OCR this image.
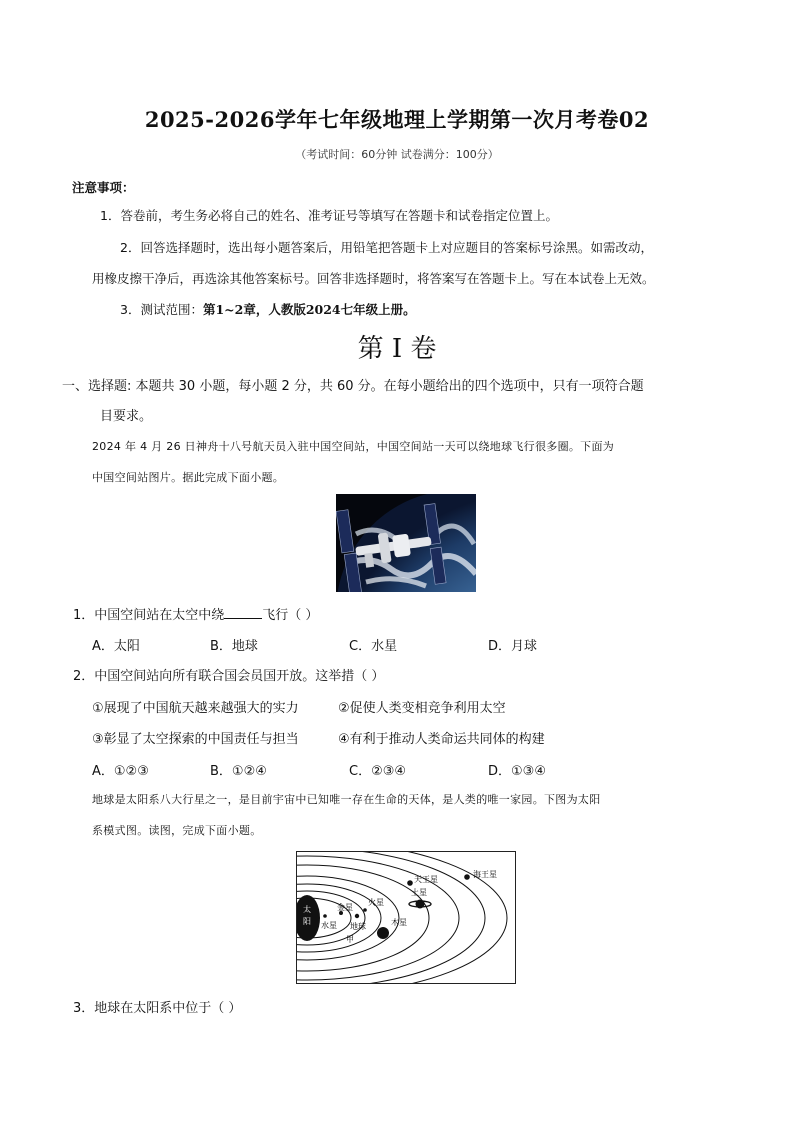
2025-2026学年七年级地理上学期第一次月考卷02
（考试时间：60分钟 试卷满分：100分）
注意事项：
1．答卷前，考生务必将自己的姓名、准考证号等填写在答题卡和试卷指定位置上。
2．回答选择题时，选出每小题答案后，用铅笔把答题卡上对应题目的答案标号涂黑。如需改动，
用橡皮擦干净后，再选涂其他答案标号。回答非选择题时，将答案写在答题卡上。写在本试卷上无效。
3．测试范围：第1~2章，人教版2024七年级上册。
第 I 卷
一、选择题: 本题共 30 小题，每小题 2 分，共 60 分。在每小题给出的四个选项中，只有一项符合题
目要求。
2024 年 4 月 26 日神舟十八号航天员入驻中国空间站，中国空间站一天可以绕地球飞行很多圈。下面为
中国空间站图片。据此完成下面小题。
1．中国空间站在太空中绕	飞行（ ）
A．太阳	B．地球	C．水星	D．月球
2．中国空间站向所有联合国会员国开放。这举措（ ）
①展现了中国航天越来越强大的实力	②促使人类变相竞争利用太空
③彰显了太空探索的中国责任与担当	④有利于推动人类命运共同体的构建
A．①②③	B．①②④	C．②③④	D．①③④
地球是太阳系八大行星之一，是目前宇宙中已知唯一存在生命的天体，是人类的唯一家园。下图为太阳
系模式图。读图，完成下面小题。
太
阳 水星
金星
地球
甲
火星
木星
土星
天王星
海王星
3．地球在太阳系中位于（ ）
